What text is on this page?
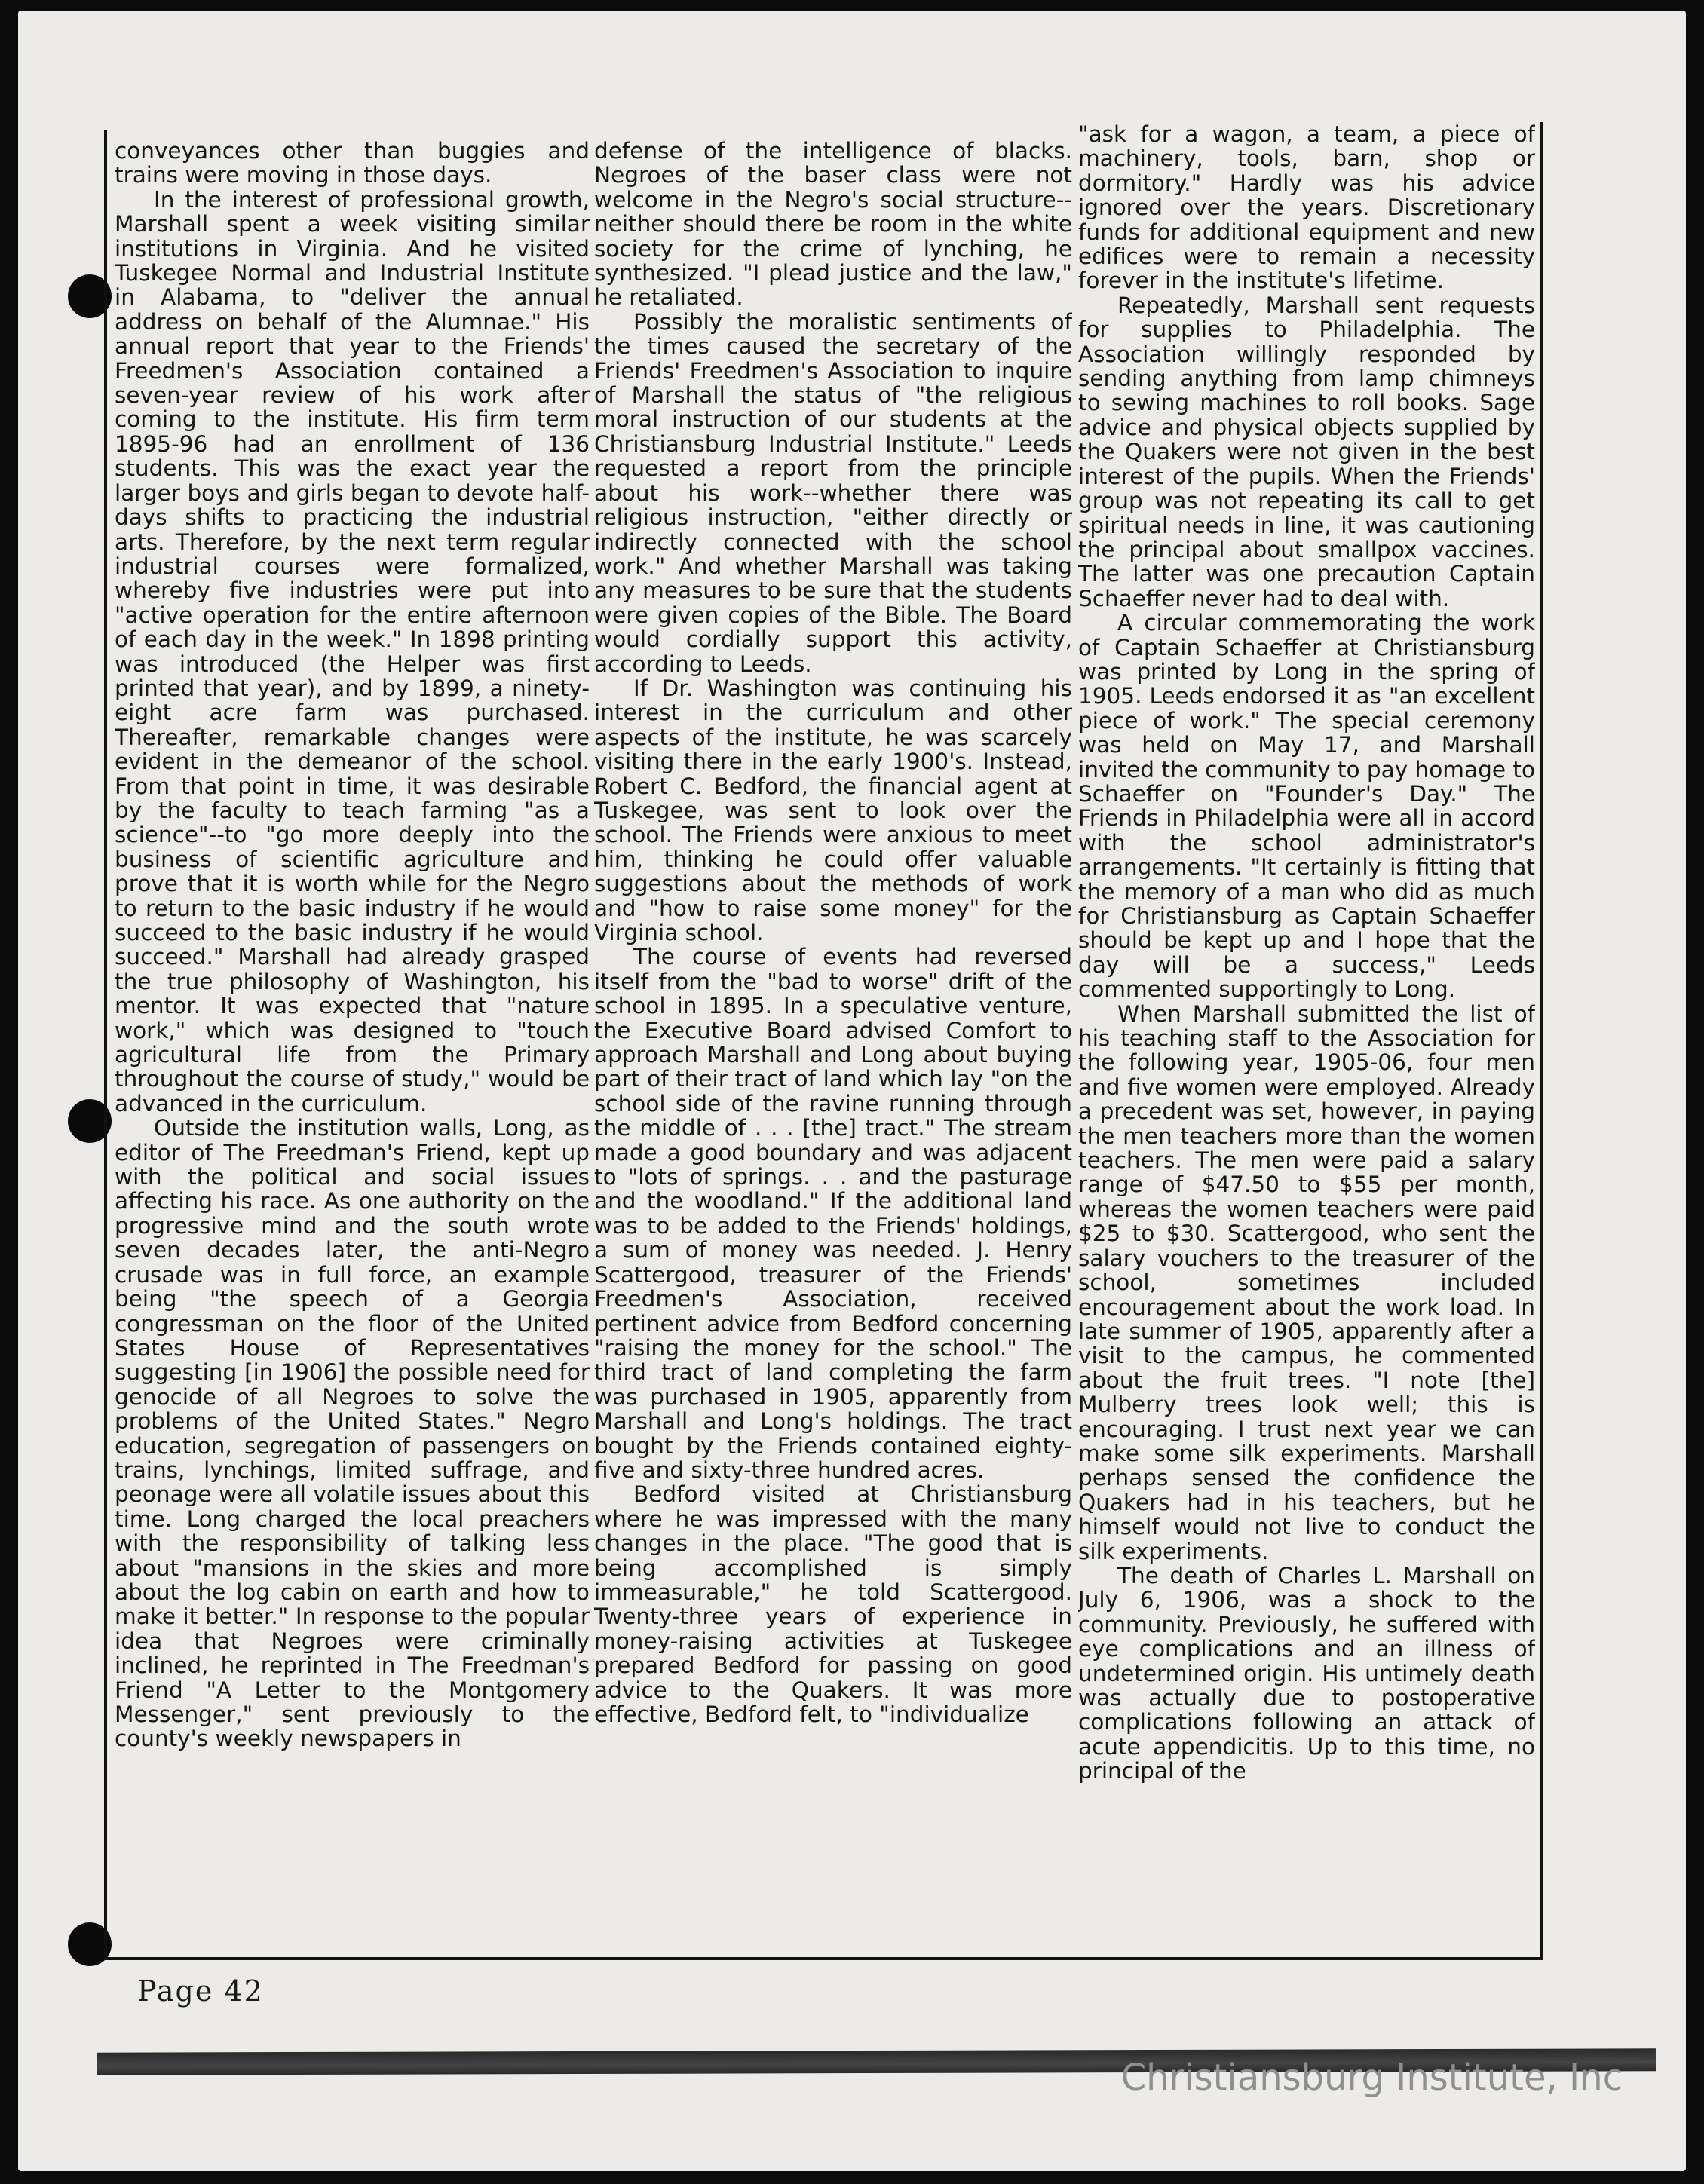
conveyances other than buggies and trains were moving in those days.

In the interest of professional growth, Marshall spent a week visiting similar institutions in Virginia. And he visited Tuskegee Normal and Industrial Institute in Alabama, to "deliver the annual address on behalf of the Alumnae." His annual report that year to the Friends' Freedmen's Association contained a seven-year review of his work after coming to the institute. His firm term 1895-96 had an enrollment of 136 students. This was the exact year the larger boys and girls began to devote half-days shifts to practicing the industrial arts. Therefore, by the next term regular industrial courses were formalized, whereby five industries were put into "active operation for the entire afternoon of each day in the week." In 1898 printing was introduced (the Helper was first printed that year), and by 1899, a ninety-eight acre farm was purchased. Thereafter, remarkable changes were evident in the demeanor of the school. From that point in time, it was desirable by the faculty to teach farming "as a science"--to "go more deeply into the business of scientific agriculture and prove that it is worth while for the Negro to return to the basic industry if he would succeed to the basic industry if he would succeed." Marshall had already grasped the true philosophy of Washington, his mentor. It was expected that "nature work," which was designed to "touch agricultural life from the Primary throughout the course of study," would be advanced in the curriculum.

Outside the institution walls, Long, as editor of The Freedman's Friend, kept up with the political and social issues affecting his race. As one authority on the progressive mind and the south wrote seven decades later, the anti-Negro crusade was in full force, an example being "the speech of a Georgia congressman on the floor of the United States House of Representatives suggesting [in 1906] the possible need for genocide of all Negroes to solve the problems of the United States." Negro education, segregation of passengers on trains, lynchings, limited suffrage, and peonage were all volatile issues about this time. Long charged the local preachers with the responsibility of talking less about "mansions in the skies and more about the log cabin on earth and how to make it better." In response to the popular idea that Negroes were criminally inclined, he reprinted in The Freedman's Friend "A Letter to the Montgomery Messenger," sent previously to the county's weekly newspapers in

defense of the intelligence of blacks. Negroes of the baser class were not welcome in the Negro's social structure--neither should there be room in the white society for the crime of lynching, he synthesized. "I plead justice and the law," he retaliated.

Possibly the moralistic sentiments of the times caused the secretary of the Friends' Freedmen's Association to inquire of Marshall the status of "the religious moral instruction of our students at the Christiansburg Industrial Institute." Leeds requested a report from the principle about his work--whether there was religious instruction, "either directly or indirectly connected with the school work." And whether Marshall was taking any measures to be sure that the students were given copies of the Bible. The Board would cordially support this activity, according to Leeds.

If Dr. Washington was continuing his interest in the curriculum and other aspects of the institute, he was scarcely visiting there in the early 1900's. Instead, Robert C. Bedford, the financial agent at Tuskegee, was sent to look over the school. The Friends were anxious to meet him, thinking he could offer valuable suggestions about the methods of work and "how to raise some money" for the Virginia school.

The course of events had reversed itself from the "bad to worse" drift of the school in 1895. In a speculative venture, the Executive Board advised Comfort to approach Marshall and Long about buying part of their tract of land which lay "on the school side of the ravine running through the middle of . . . [the] tract." The stream made a good boundary and was adjacent to "lots of springs. . . and the pasturage and the woodland." If the additional land was to be added to the Friends' holdings, a sum of money was needed. J. Henry Scattergood, treasurer of the Friends' Freedmen's Association, received pertinent advice from Bedford concerning "raising the money for the school." The third tract of land completing the farm was purchased in 1905, apparently from Marshall and Long's holdings. The tract bought by the Friends contained eighty-five and sixty-three hundred acres.

Bedford visited at Christiansburg where he was impressed with the many changes in the place. "The good that is being accomplished is simply immeasurable," he told Scattergood. Twenty-three years of experience in money-raising activities at Tuskegee prepared Bedford for passing on good advice to the Quakers. It was more effective, Bedford felt, to "individualize

"ask for a wagon, a team, a piece of machinery, tools, barn, shop or dormitory." Hardly was his advice ignored over the years. Discretionary funds for additional equipment and new edifices were to remain a necessity forever in the institute's lifetime.

Repeatedly, Marshall sent requests for supplies to Philadelphia. The Association willingly responded by sending anything from lamp chimneys to sewing machines to roll books. Sage advice and physical objects supplied by the Quakers were not given in the best interest of the pupils. When the Friends' group was not repeating its call to get spiritual needs in line, it was cautioning the principal about smallpox vaccines. The latter was one precaution Captain Schaeffer never had to deal with.

A circular commemorating the work of Captain Schaeffer at Christiansburg was printed by Long in the spring of 1905. Leeds endorsed it as "an excellent piece of work." The special ceremony was held on May 17, and Marshall invited the community to pay homage to Schaeffer on "Founder's Day." The Friends in Philadelphia were all in accord with the school administrator's arrangements. "It certainly is fitting that the memory of a man who did as much for Christiansburg as Captain Schaeffer should be kept up and I hope that the day will be a success," Leeds commented supportingly to Long.

When Marshall submitted the list of his teaching staff to the Association for the following year, 1905-06, four men and five women were employed. Already a precedent was set, however, in paying the men teachers more than the women teachers. The men were paid a salary range of $47.50 to $55 per month, whereas the women teachers were paid $25 to $30. Scattergood, who sent the salary vouchers to the treasurer of the school, sometimes included encouragement about the work load. In late summer of 1905, apparently after a visit to the campus, he commented about the fruit trees. "I note [the] Mulberry trees look well; this is encouraging. I trust next year we can make some silk experiments. Marshall perhaps sensed the confidence the Quakers had in his teachers, but he himself would not live to conduct the silk experiments.

The death of Charles L. Marshall on July 6, 1906, was a shock to the community. Previously, he suffered with eye complications and an illness of undetermined origin. His untimely death was actually due to postoperative complications following an attack of acute appendicitis. Up to this time, no principal of the

Page 42
Christiansburg Institute, Inc
